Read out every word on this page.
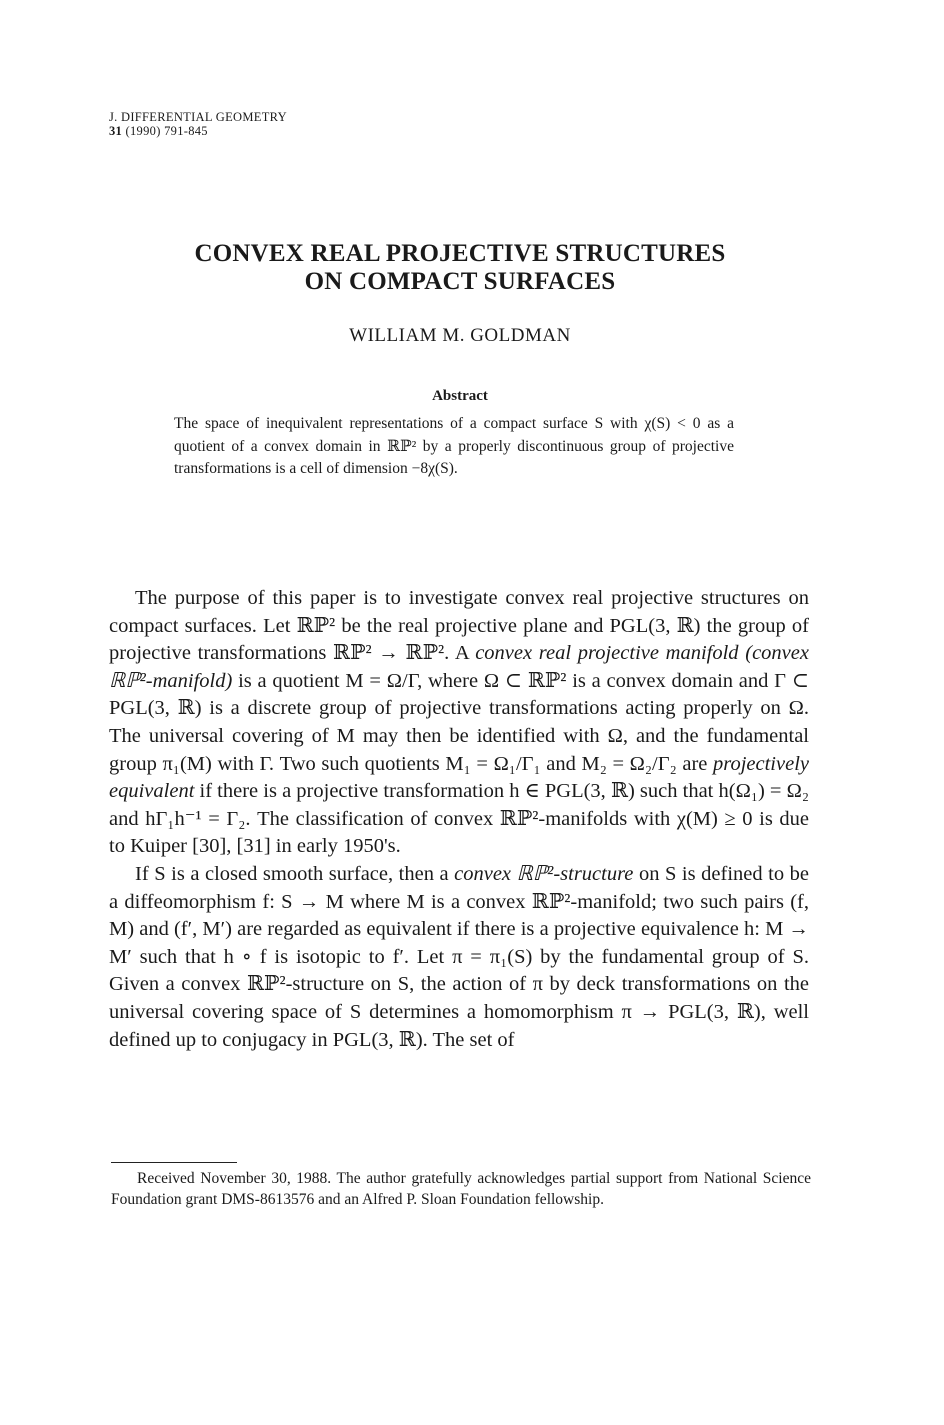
J. DIFFERENTIAL GEOMETRY
31 (1990) 791-845
CONVEX REAL PROJECTIVE STRUCTURES
ON COMPACT SURFACES
WILLIAM M. GOLDMAN
Abstract
The space of inequivalent representations of a compact surface S with χ(S) < 0 as a quotient of a convex domain in ℝℙ² by a properly discontinuous group of projective transformations is a cell of dimension −8χ(S).

The purpose of this paper is to investigate convex real projective structures on compact surfaces. Let ℝℙ² be the real projective plane and PGL(3, ℝ) the group of projective transformations ℝℙ² → ℝℙ². A convex real projective manifold (convex ℝℙ²-manifold) is a quotient M = Ω/Γ, where Ω ⊂ ℝℙ² is a convex domain and Γ ⊂ PGL(3, ℝ) is a discrete group of projective transformations acting properly on Ω. The universal covering of M may then be identified with Ω, and the fundamental group π₁(M) with Γ. Two such quotients M₁ = Ω₁/Γ₁ and M₂ = Ω₂/Γ₂ are projectively equivalent if there is a projective transformation h ∈ PGL(3, ℝ) such that h(Ω₁) = Ω₂ and hΓ₁h⁻¹ = Γ₂. The classification of convex ℝℙ²-manifolds with χ(M) ≥ 0 is due to Kuiper [30], [31] in early 1950's.

If S is a closed smooth surface, then a convex ℝℙ²-structure on S is defined to be a diffeomorphism f: S → M where M is a convex ℝℙ²-manifold; two such pairs (f, M) and (f′, M′) are regarded as equivalent if there is a projective equivalence h: M → M′ such that h ∘ f is isotopic to f′. Let π = π₁(S) by the fundamental group of S. Given a convex ℝℙ²-structure on S, the action of π by deck transformations on the universal covering space of S determines a homomorphism π → PGL(3, ℝ), well defined up to conjugacy in PGL(3, ℝ). The set of

Received November 30, 1988. The author gratefully acknowledges partial support from National Science Foundation grant DMS-8613576 and an Alfred P. Sloan Foundation fellowship.
